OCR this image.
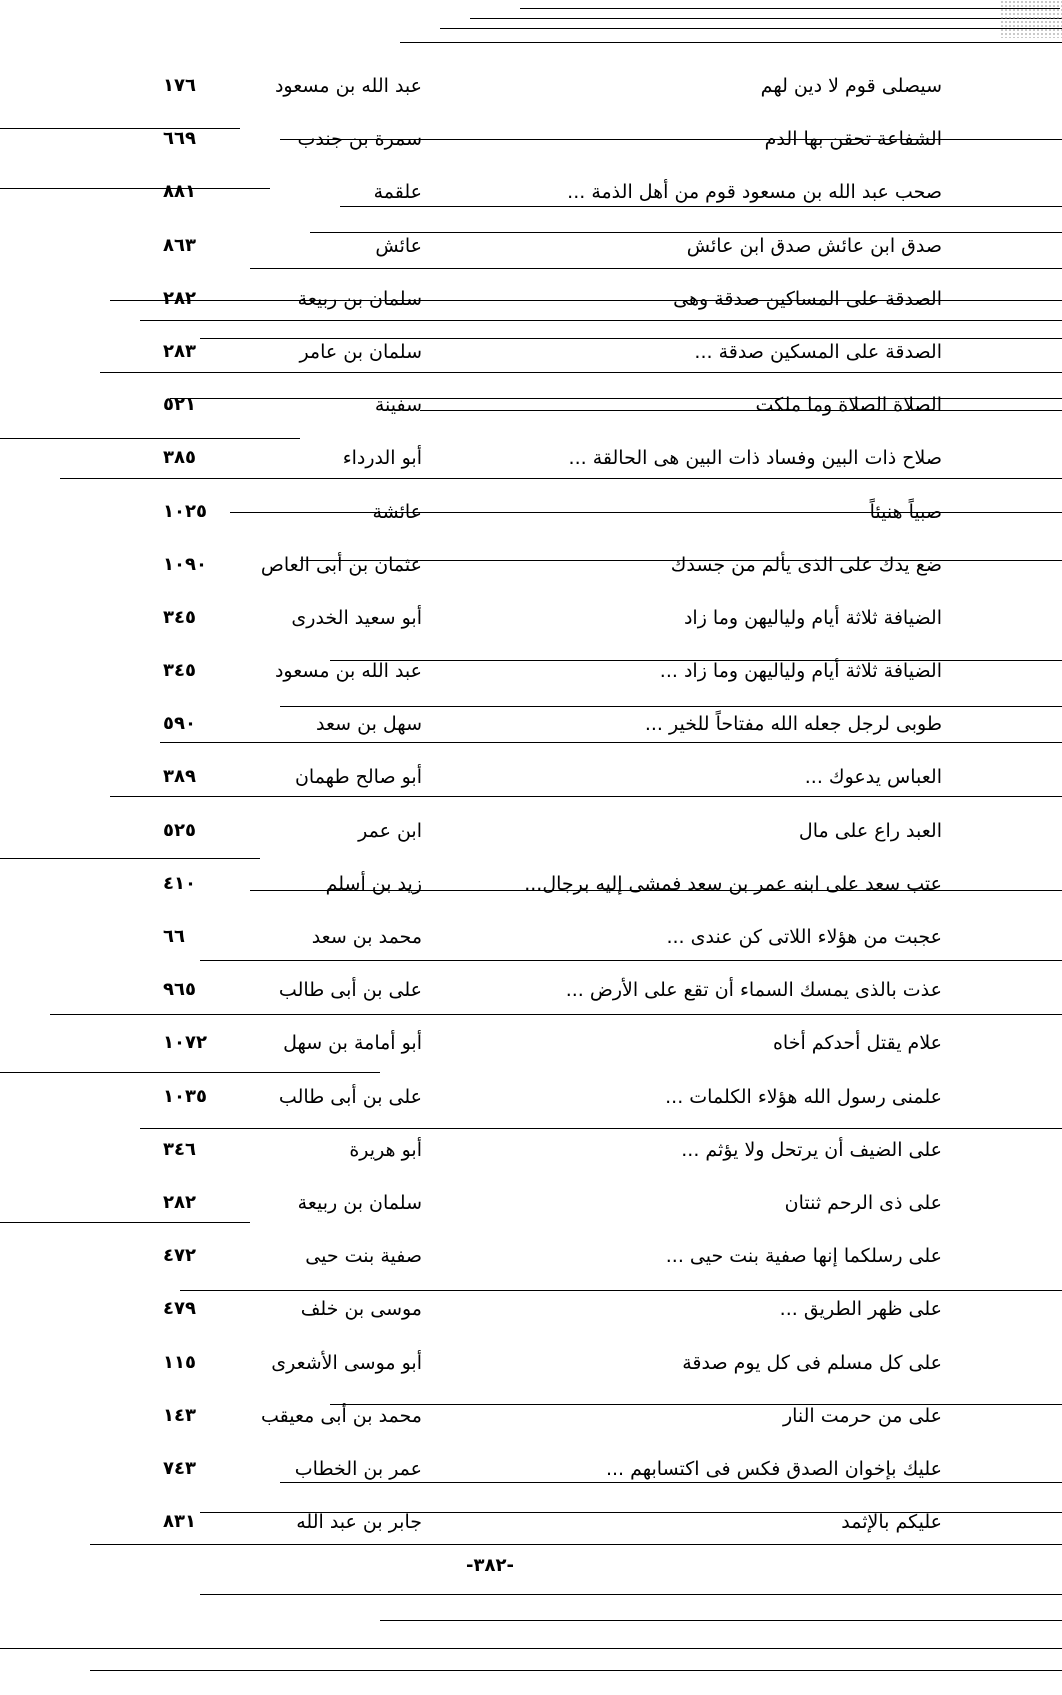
سيصلى قوم لا دين لهم
عبد الله بن مسعود
١٧٦
الشفاعة تحقن بها الدم
سمرة بن جندب
٦٦٩
صحب عبد الله بن مسعود قوم من أهل الذمة ...
علقمة
٨٨١
صدق ابن عائش صدق ابن عائش
عائش
٨٦٣
الصدقة على المساكين صدقة وهى
سلمان بن ربيعة
٢٨٢
الصدقة على المسكين صدقة ...
سلمان بن عامر
٢٨٣
الصلاة الصلاة وما ملكت
سفينة
٥٢١
صلاح ذات البين وفساد ذات البين هى الحالقة ...
أبو الدرداء
٣٨٥
صبياً هنيئاً
عائشة
١٠٢٥
ضع يدك على الذى يألم من جسدك
عثمان بن أبى العاص
١٠٩٠
الضيافة ثلاثة أيام ولياليهن وما زاد
أبو سعيد الخدرى
٣٤٥
الضيافة ثلاثة أيام ولياليهن وما زاد ...
عبد الله بن مسعود
٣٤٥
طوبى لرجل جعله الله مفتاحاً للخير ...
سهل بن سعد
٥٩٠
العباس يدعوك ...
أبو صالح طهمان
٣٨٩
العبد راع على مال
ابن عمر
٥٢٥
عتب سعد على ابنه عمر بن سعد فمشى إليه برجال...
زيد بن أسلم
٤١٠
عجبت من هؤلاء اللاتى كن عندى ...
محمد بن سعد
٦٦
عذت بالذى يمسك السماء أن تقع على الأرض ...
على بن أبى طالب
٩٦٥
علام يقتل أحدكم أخاه
أبو أمامة بن سهل
١٠٧٢
علمنى رسول الله هؤلاء الكلمات ...
على بن أبى طالب
١٠٣٥
على الضيف أن يرتحل ولا يؤثم ...
أبو هريرة
٣٤٦
على ذى الرحم ثنتان
سلمان بن ربيعة
٢٨٢
على رسلكما إنها صفية بنت حيى ...
صفية بنت حيى
٤٧٢
على ظهر الطريق ...
موسى بن خلف
٤٧٩
على كل مسلم فى كل يوم صدقة
أبو موسى الأشعرى
١١٥
على من حرمت النار
محمد بن أبى معيقب
١٤٣
عليك بإخوان الصدق فكس فى اكتسابهم ...
عمر بن الخطاب
٧٤٣
عليكم بالإثمد
جابر بن عبد الله
٨٣١
-٣٨٢-
